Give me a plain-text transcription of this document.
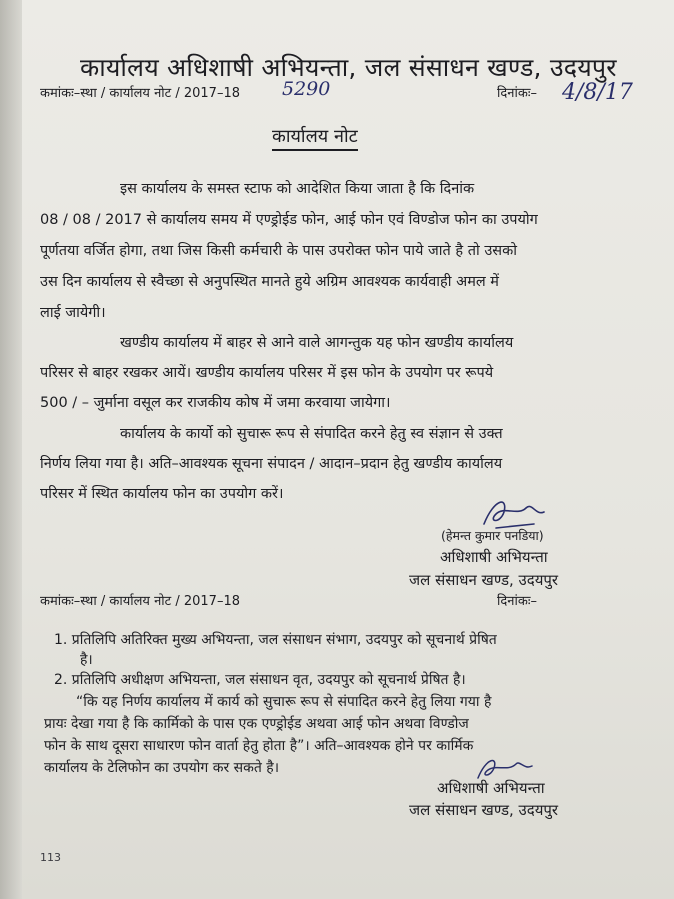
कार्यालय अधिशाषी अभियन्ता, जल संसाधन खण्ड, उदयपुर
कमांकः–स्था / कार्यालय नोट / 2017–18 5290	दिनांकः– 4/8/17
कार्यालय नोट
इस कार्यालय के समस्त स्टाफ को आदेशित किया जाता है कि दिनांक
08 / 08 / 2017 से कार्यालय समय में एण्ड्रोईड फोन, आई फोन एवं विण्डोज फोन का उपयोग
पूर्णतया वर्जित होगा, तथा जिस किसी कर्मचारी के पास उपरोक्त फोन पाये जाते है तो उसको
उस दिन कार्यालय से स्वैच्छा से अनुपस्थित मानते हुये अग्रिम आवश्यक कार्यवाही अमल में
लाई जायेगी।
खण्डीय कार्यालय में बाहर से आने वाले आगन्तुक यह फोन खण्डीय कार्यालय
परिसर से बाहर रखकर आयें। खण्डीय कार्यालय परिसर में इस फोन के उपयोग पर रूपये
500 / – जुर्माना वसूल कर राजकीय कोष में जमा करवाया जायेगा।
कार्यालय के कार्यो को सुचारू रूप से संपादित करने हेतु स्व संज्ञान से उक्त
निर्णय लिया गया है। अति–आवश्यक सूचना संपादन / आदान–प्रदान हेतु खण्डीय कार्यालय
परिसर में स्थित कार्यालय फोन का उपयोग करें।
(हेमन्त कुमार पनडिया)
अधिशाषी अभियन्ता
जल संसाधन खण्ड, उदयपुर
कमांकः–स्था / कार्यालय नोट / 2017–18	दिनांकः–
1. प्रतिलिपि अतिरिक्त मुख्य अभियन्ता, जल संसाधन संभाग, उदयपुर को सूचनार्थ प्रेषित
है।
2. प्रतिलिपि अधीक्षण अभियन्ता, जल संसाधन वृत, उदयपुर को सूचनार्थ प्रेषित है।
“कि यह निर्णय कार्यालय में कार्य को सुचारू रूप से संपादित करने हेतु लिया गया है
प्रायः देखा गया है कि कार्मिको के पास एक एण्ड्रोईड अथवा आई फोन अथवा विण्डोज
फोन के साथ दूसरा साधारण फोन वार्ता हेतु होता है”। अति–आवश्यक होने पर कार्मिक
कार्यालय के टेलिफोन का उपयोग कर सकते है।
अधिशाषी अभियन्ता
जल संसाधन खण्ड, उदयपुर
113
